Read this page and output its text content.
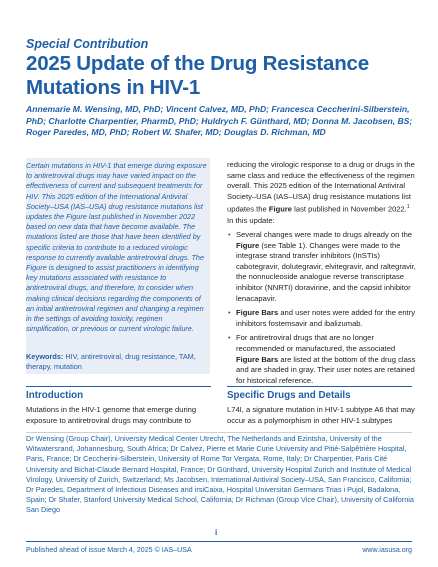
Special Contribution
2025 Update of the Drug Resistance Mutations in HIV-1
Annemarie M. Wensing, MD, PhD; Vincent Calvez, MD, PhD; Francesca Ceccherini-Silberstein, PhD; Charlotte Charpentier, PharmD, PhD; Huldrych F. Günthard, MD; Donna M. Jacobsen, BS; Roger Paredes, MD, PhD; Robert W. Shafer, MD; Douglas D. Richman, MD
Certain mutations in HIV-1 that emerge during exposure to antiretroviral drugs may have varied impact on the effectiveness of current and subsequent treatments for HIV. This 2025 edition of the International Antiviral Society–USA (IAS–USA) drug resistance mutations list updates the Figure last published in November 2022 based on new data that have become available. The mutations listed are those that have been identified by specific criteria to contribute to a reduced virologic response to currently available antiretroviral drugs. The Figure is designed to assist practitioners in identifying key mutations associated with resistance to antiretroviral drugs, and therefore, to consider when making clinical decisions regarding the components of an initial antiretroviral regimen and changing a regimen in the settings of avoiding toxicity, regimen simplification, or previous or current virologic failure.
Keywords: HIV, antiretroviral, drug resistance, TAM, therapy, mutation

reducing the virologic response to a drug or drugs in the same class and reduce the effectiveness of the regimen overall. This 2025 edition of the International Antiviral Society–USA (IAS–USA) drug resistance mutations list updates the Figure last published in November 2022.$^1$ In this update:

• Several changes were made to drugs already on the Figure (see Table 1). Changes were made to the integrase strand transfer inhibitors (InSTIs) cabotegravir, dolutegravir, elvitegravir, and raltegravir, the nonnucleoside analogue reverse transcriptase inhibitor (NNRTI) doravirine, and the capsid inhibitor lenacapavir.
• Figure Bars and user notes were added for the entry inhibitors fostemsavir and ibalizumab.
• For antiretroviral drugs that are no longer recommended or manufactured, the associated Figure Bars are listed at the bottom of the drug class and are shaded in gray. Their user notes are retained for historical reference.
Introduction
Mutations in the HIV-1 genome that emerge during exposure to antiretroviral drugs may contribute to
Specific Drugs and Details
L74I, a signature mutation in HIV-1 subtype A6 that may occur as a polymorphism in other HIV-1 subtypes
Dr Wensing (Group Chair), University Medical Center Utrecht, The Netherlands and Ezintsha, University of the Witwatersrand, Johannesburg, South Africa; Dr Calvez, Pierre et Marie Curie University and Pitié-Salpêtrière Hospital, Paris, France; Dr Ceccherini-Silberstein, University of Rome Tor Vergata, Rome, Italy; Dr Charpentier, Paris Cité University and Bichat-Claude Bernard Hospital, France; Dr Günthard, University Hospital Zurich and Institute of Medical Virology, University of Zurich, Switzerland; Ms Jacobsen, International Antiviral Society–USA, San Francisco, California; Dr Paredes, Department of Infectious Diseases and irsiCaixa, Hospital Universitari Germans Trias i Pujol, Badalona, Spain; Dr Shafer, Stanford University Medical School, California; Dr Richman (Group Vice Chair), University of California San Diego
i
Published ahead of issue March 4, 2025 © IAS–USA	www.iasusa.org
